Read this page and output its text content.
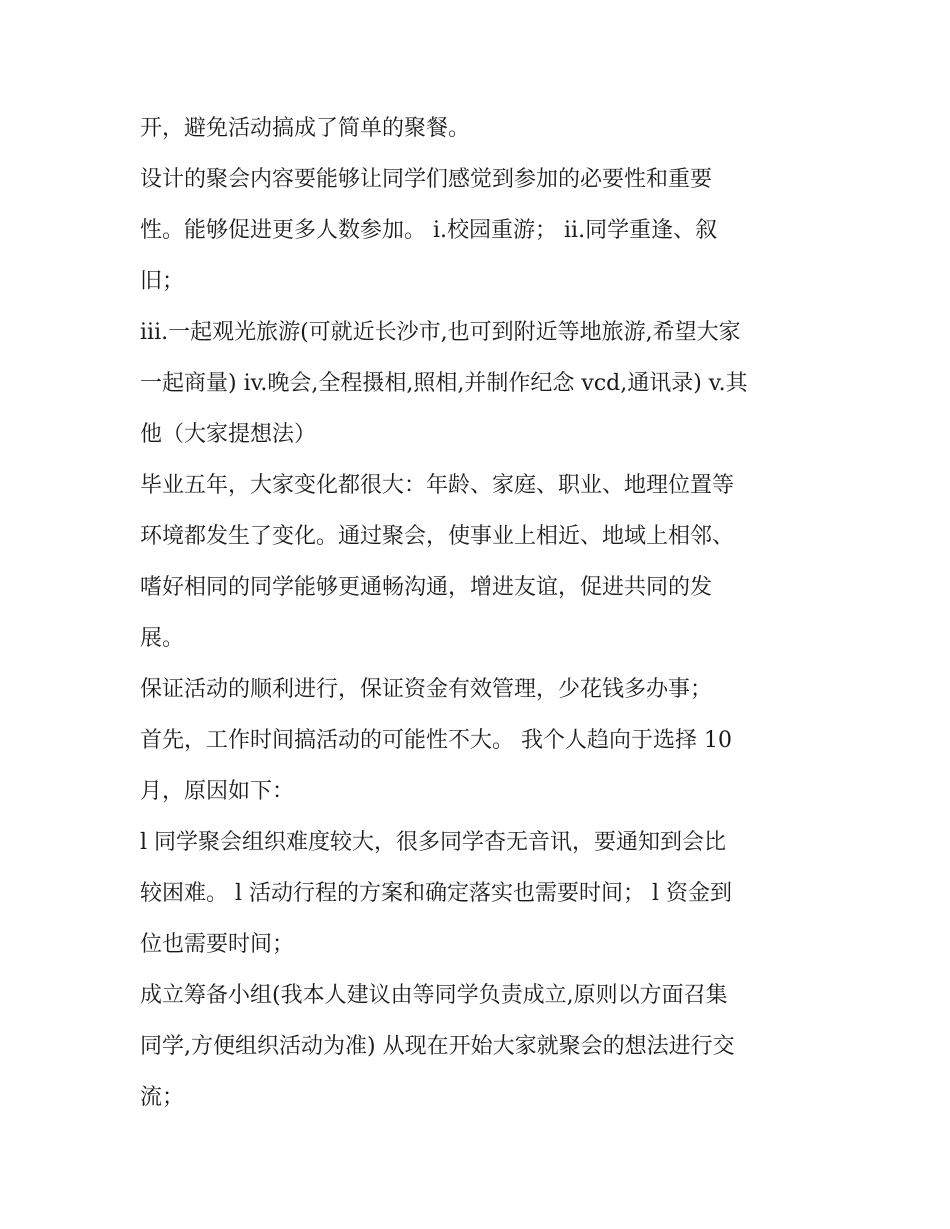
开，避免活动搞成了简单的聚餐。
设计的聚会内容要能够让同学们感觉到参加的必要性和重要
性。能够促进更多人数参加。 i.校园重游； ii.同学重逢、叙
旧；
iii.一起观光旅游(可就近长沙市,也可到附近等地旅游,希望大家
一起商量) iv.晚会,全程摄相,照相,并制作纪念 vcd,通讯录) v.其
他（大家提想法）
毕业五年，大家变化都很大：年龄、家庭、职业、地理位置等
环境都发生了变化。通过聚会，使事业上相近、地域上相邻、
嗜好相同的同学能够更通畅沟通，增进友谊，促进共同的发
展。
保证活动的顺利进行，保证资金有效管理，少花钱多办事；
首先，工作时间搞活动的可能性不大。 我个人趋向于选择 10
月，原因如下：
l 同学聚会组织难度较大，很多同学杳无音讯，要通知到会比
较困难。 l 活动行程的方案和确定落实也需要时间； l 资金到
位也需要时间；
成立筹备小组(我本人建议由等同学负责成立,原则以方面召集
同学,方便组织活动为准) 从现在开始大家就聚会的想法进行交
流；
